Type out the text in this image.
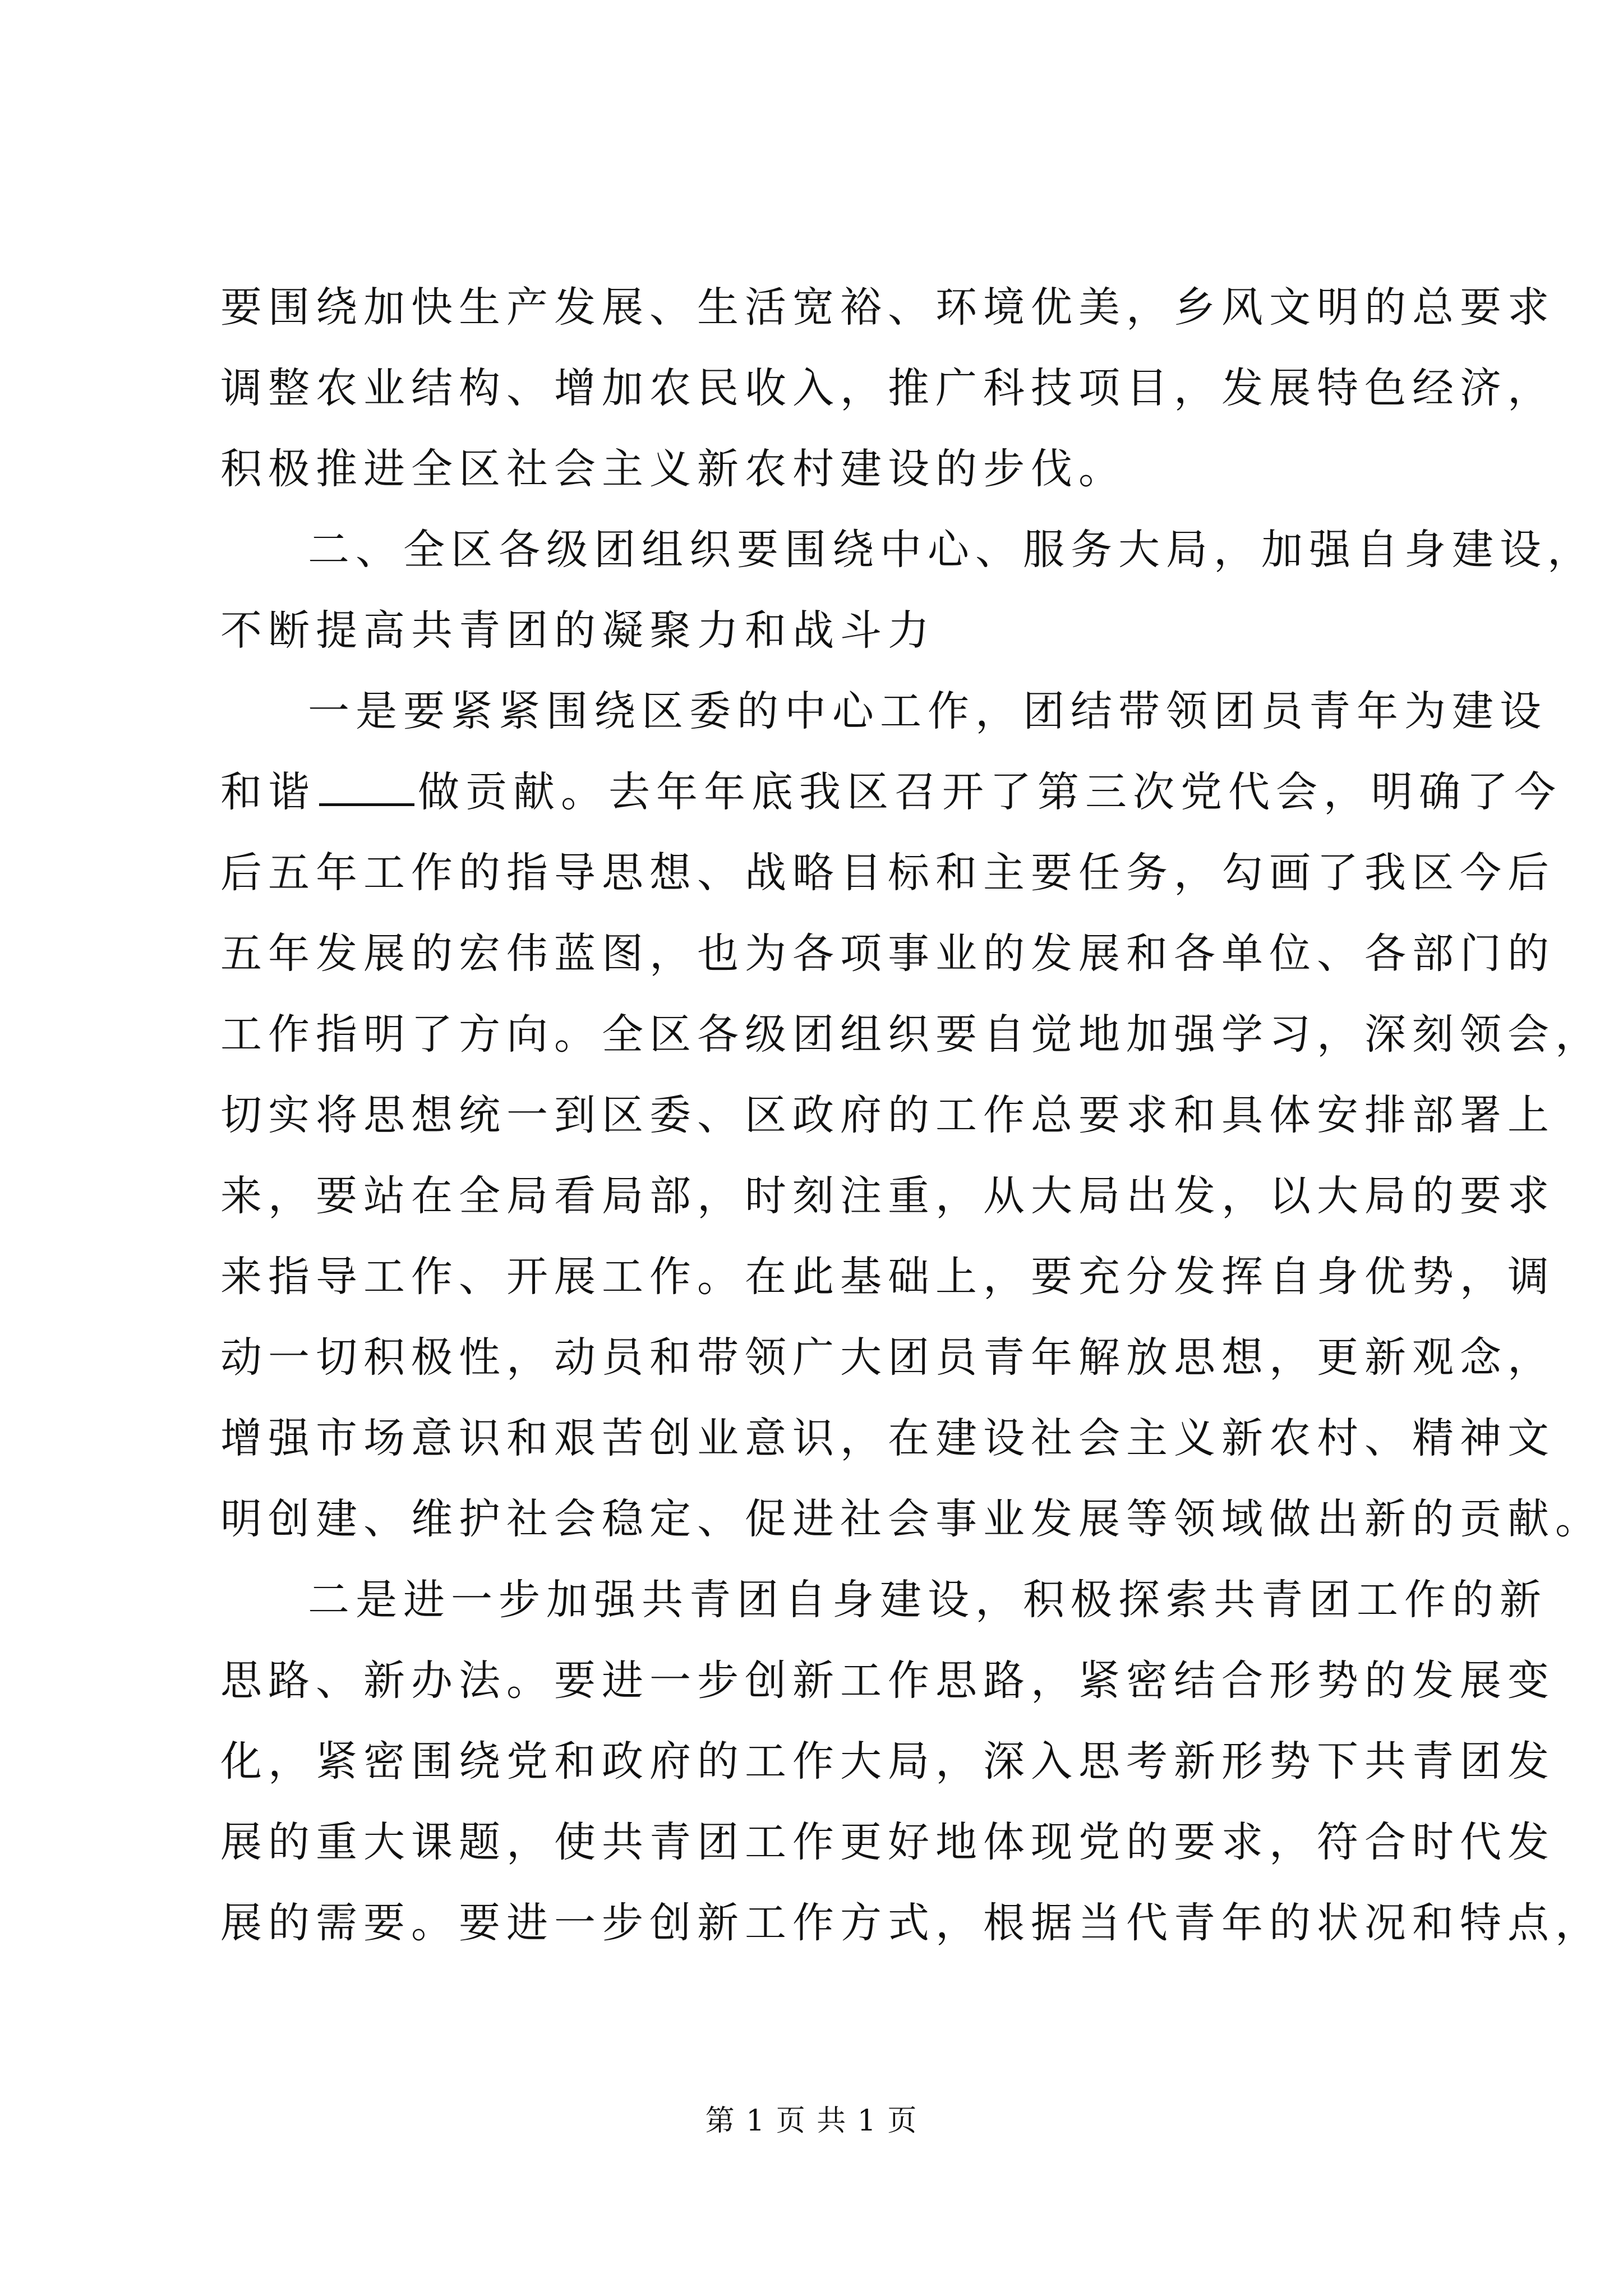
要围绕加快生产发展、生活宽裕、环境优美，乡风文明的总要求
调整农业结构、增加农民收入，推广科技项目，发展特色经济，
积极推进全区社会主义新农村建设的步伐。
二、全区各级团组织要围绕中心、服务大局，加强自身建设，
不断提高共青团的凝聚力和战斗力
一是要紧紧围绕区委的中心工作，团结带领团员青年为建设
和谐 做贡献。去年年底我区召开了第三次党代会，明确了今
后五年工作的指导思想、战略目标和主要任务，勾画了我区今后
五年发展的宏伟蓝图，也为各项事业的发展和各单位、各部门的
工作指明了方向。全区各级团组织要自觉地加强学习，深刻领会，
切实将思想统一到区委、区政府的工作总要求和具体安排部署上
来，要站在全局看局部，时刻注重，从大局出发，以大局的要求
来指导工作、开展工作。在此基础上，要充分发挥自身优势，调
动一切积极性，动员和带领广大团员青年解放思想，更新观念，
增强市场意识和艰苦创业意识，在建设社会主义新农村、精神文
明创建、维护社会稳定、促进社会事业发展等领域做出新的贡献。
二是进一步加强共青团自身建设，积极探索共青团工作的新
思路、新办法。要进一步创新工作思路，紧密结合形势的发展变
化，紧密围绕党和政府的工作大局，深入思考新形势下共青团发
展的重大课题，使共青团工作更好地体现党的要求，符合时代发
展的需要。要进一步创新工作方式，根据当代青年的状况和特点，
第 1 页 共 1 页
